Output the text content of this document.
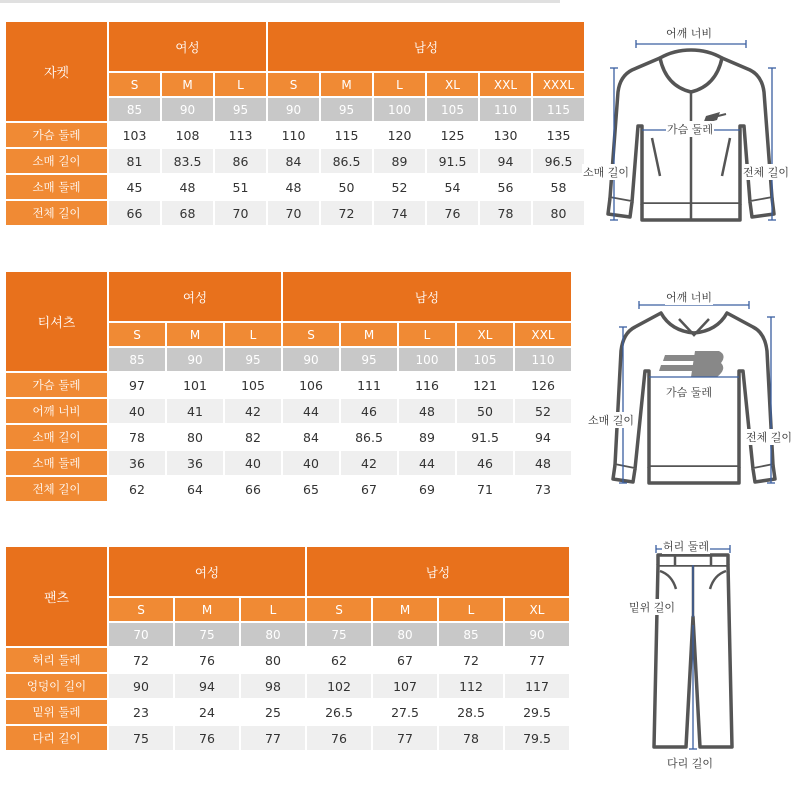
자켓	여성			남성					
	S	M	L	S	M	L	XL	XXL	XXXL
	85	90	95	90	95	100	105	110	115
가슴 둘레	103	108	113	110	115	120	125	130	135
소매 길이	81	83.5	86	84	86.5	89	91.5	94	96.5
소매 둘레	45	48	51	48	50	52	54	56	58
전체 길이	66	68	70	70	72	74	76	78	80
티셔츠	여성			남성				
	S	M	L	S	M	L	XL	XXL
	85	90	95	90	95	100	105	110
가슴 둘레	97	101	105	106	111	116	121	126
어깨 너비	40	41	42	44	46	48	50	52
소매 길이	78	80	82	84	86.5	89	91.5	94
소매 둘레	36	36	40	40	42	44	46	48
전체 길이	62	64	66	65	67	69	71	73
팬츠	여성			남성			
	S	M	L	S	M	L	XL
	70	75	80	75	80	85	90
허리 둘레	72	76	80	62	67	72	77
엉덩이 길이	90	94	98	102	107	112	117
밑위 둘레	23	24	25	26.5	27.5	28.5	29.5
다리 길이	75	76	77	76	77	78	79.5
어깨 너비
가슴 둘레
소매 길이	전체 길이
어깨 너비
가슴 둘레
소매 길이
전체 길이
허리 둘레
밑위 길이
다리 길이
